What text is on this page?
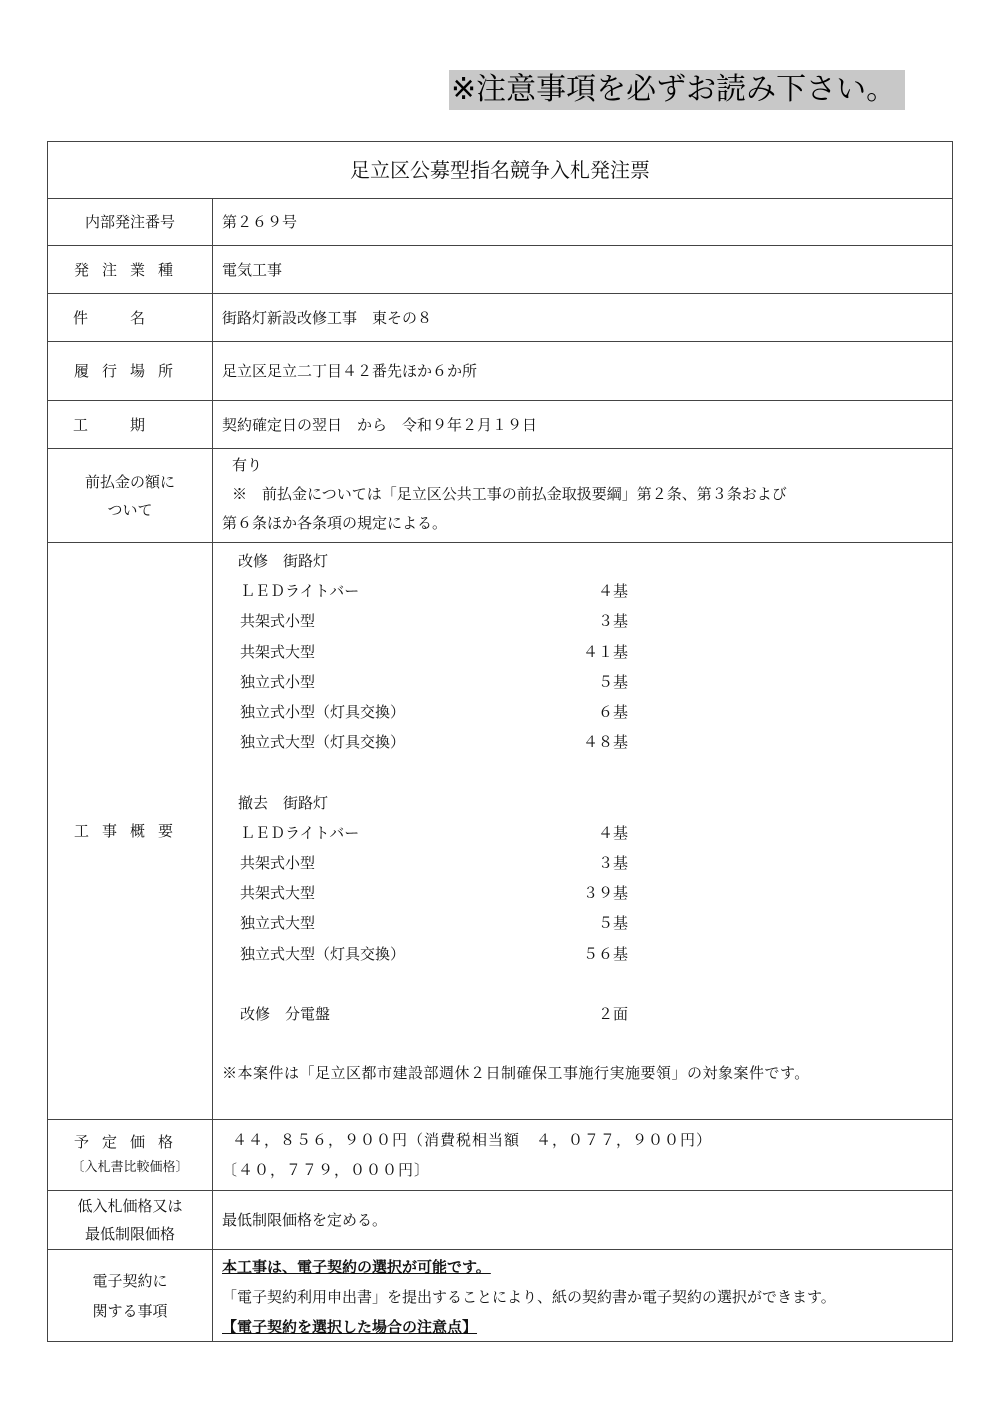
※注意事項を必ずお読み下さい。
足立区公募型指名競争入札発注票
内部発注番号	第２６９号
発注業種 電気工事
件名 街路灯新設改修工事　東その８
履行場所 足立区足立二丁目４２番先ほか６か所
工期 契約確定日の翌日　から　令和９年２月１９日
前払金の額に
ついて
有り
※　前払金については「足立区公共工事の前払金取扱要綱」第２条、第３条および
第６条ほか各条項の規定による。
工事概要
改修　街路灯
ＬＥＤライトバー	４基
共架式小型	３基
共架式大型	４１基
独立式小型	５基
独立式小型（灯具交換）	６基
独立式大型（灯具交換）	４８基
撤去　街路灯
ＬＥＤライトバー	４基
共架式小型	３基
共架式大型	３９基
独立式大型	５基
独立式大型（灯具交換）	５６基
改修　分電盤	２面
※本案件は「足立区都市建設部週休２日制確保工事施行実施要領」の対象案件です。
予定価格
〔入札書比較価格〕
４４，８５６，９００円（消費税相当額　４，０７７，９００円）
〔４０，７７９，０００円〕
低入札価格又は
最低制限価格
最低制限価格を定める。
電子契約に
関する事項
本工事は、電子契約の選択が可能です。
「電子契約利用申出書」を提出することにより、紙の契約書か電子契約の選択ができます。
【電子契約を選択した場合の注意点】
